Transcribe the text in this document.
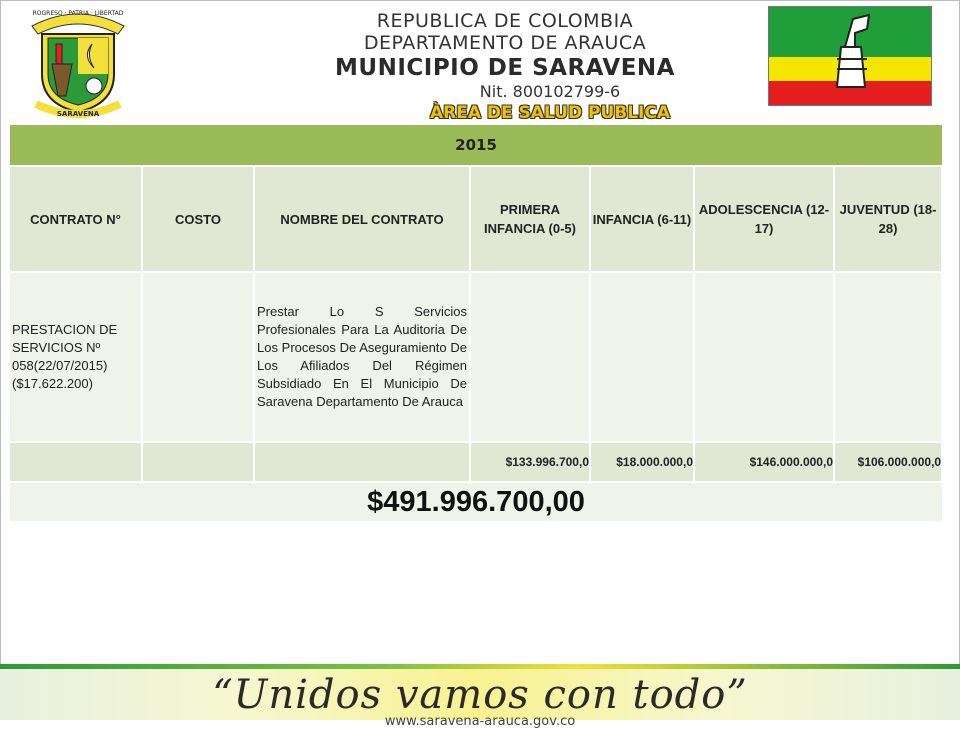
ROGRESO · PATRIA · LIBERTAD
SARAVENA
REPUBLICA DE COLOMBIA
DEPARTAMENTO DE ARAUCA
MUNICIPIO DE SARAVENA
Nit. 800102799-6
ÀREA DE SALUD PUBLICA
2015						
CONTRATO N°	COSTO	NOMBRE DEL CONTRATO	PRIMERA INFANCIA (0-5)	INFANCIA (6-11)	ADOLESCENCIA (12-17)	JUVENTUD (18-28)
PRESTACION DE SERVICIOS Nº 058(22/07/2015) ($17.622.200)		Prestar Lo S Servicios Profesionales Para La Auditoria De Los Procesos De Aseguramiento De Los Afiliados Del Régimen Subsidiado En El Municipio De Saravena Departamento De Arauca				
			$133.996.700,0	$18.000.000,0	$146.000.000,0	$106.000.000,0
$491.996.700,00						
“Unidos vamos con todo”
www.saravena-arauca.gov.co
